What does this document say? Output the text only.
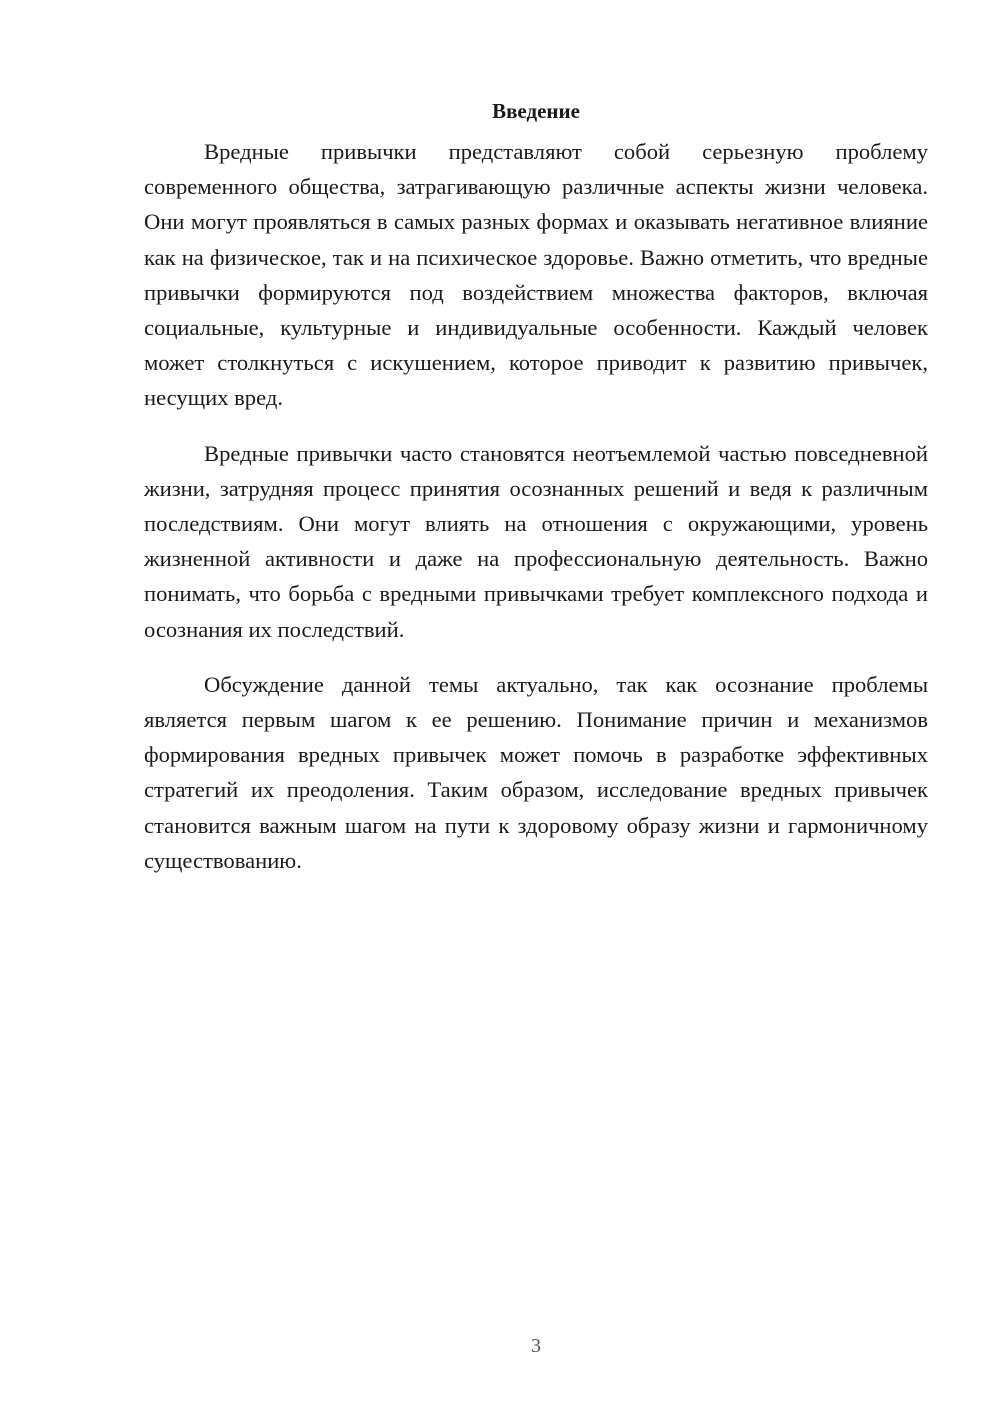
Введение

Вредные привычки представляют собой серьезную проблему современного общества, затрагивающую различные аспекты жизни человека. Они могут проявляться в самых разных формах и оказывать негативное влияние как на физическое, так и на психическое здоровье. Важно отметить, что вредные привычки формируются под воздействием множества факторов, включая социальные, культурные и индивидуальные особенности. Каждый человек может столкнуться с искушением, которое приводит к развитию привычек, несущих вред.

Вредные привычки часто становятся неотъемлемой частью повседневной жизни, затрудняя процесс принятия осознанных решений и ведя к различным последствиям. Они могут влиять на отношения с окружающими, уровень жизненной активности и даже на профессиональную деятельность. Важно понимать, что борьба с вредными привычками требует комплексного подхода и осознания их последствий.

Обсуждение данной темы актуально, так как осознание проблемы является первым шагом к ее решению. Понимание причин и механизмов формирования вредных привычек может помочь в разработке эффективных стратегий их преодоления. Таким образом, исследование вредных привычек становится важным шагом на пути к здоровому образу жизни и гармоничному существованию.

3
